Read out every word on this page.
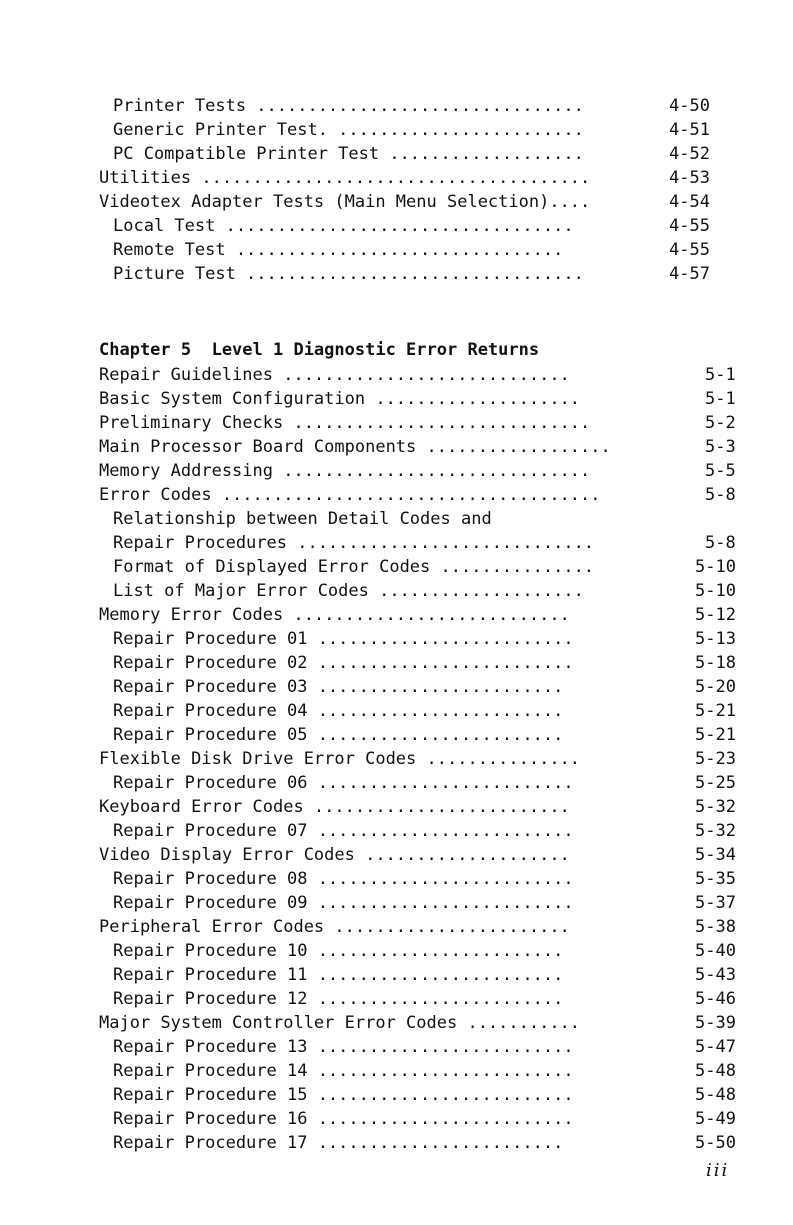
Printer Tests ................................	4-50
Generic Printer Test. ........................	4-51
PC Compatible Printer Test ...................	4-52
Utilities ......................................	4-53
Videotex Adapter Tests (Main Menu Selection)....	4-54
Local Test ..................................	4-55
Remote Test ................................	4-55
Picture Test .................................	4-57
Repair Guidelines ............................	5-1
Basic System Configuration ....................	5-1
Preliminary Checks .............................	5-2
Main Processor Board Components ..................	5-3
Memory Addressing ..............................	5-5
Error Codes .....................................	5-8
Relationship between Detail Codes and
Repair Procedures .............................	5-8
Format of Displayed Error Codes ...............	5-10
List of Major Error Codes ....................	5-10
Memory Error Codes ...........................	5-12
Repair Procedure 01 .........................	5-13
Repair Procedure 02 .........................	5-18
Repair Procedure 03 ........................	5-20
Repair Procedure 04 ........................	5-21
Repair Procedure 05 ........................	5-21
Flexible Disk Drive Error Codes ...............	5-23
Repair Procedure 06 .........................	5-25
Keyboard Error Codes .........................	5-32
Repair Procedure 07 .........................	5-32
Video Display Error Codes ....................	5-34
Repair Procedure 08 .........................	5-35
Repair Procedure 09 .........................	5-37
Peripheral Error Codes .......................	5-38
Repair Procedure 10 ........................	5-40
Repair Procedure 11 ........................	5-43
Repair Procedure 12 ........................	5-46
Major System Controller Error Codes ...........	5-39
Repair Procedure 13 .........................	5-47
Repair Procedure 14 .........................	5-48
Repair Procedure 15 .........................	5-48
Repair Procedure 16 .........................	5-49
Repair Procedure 17 ........................	5-50
Chapter 5  Level 1 Diagnostic Error Returns
iii
